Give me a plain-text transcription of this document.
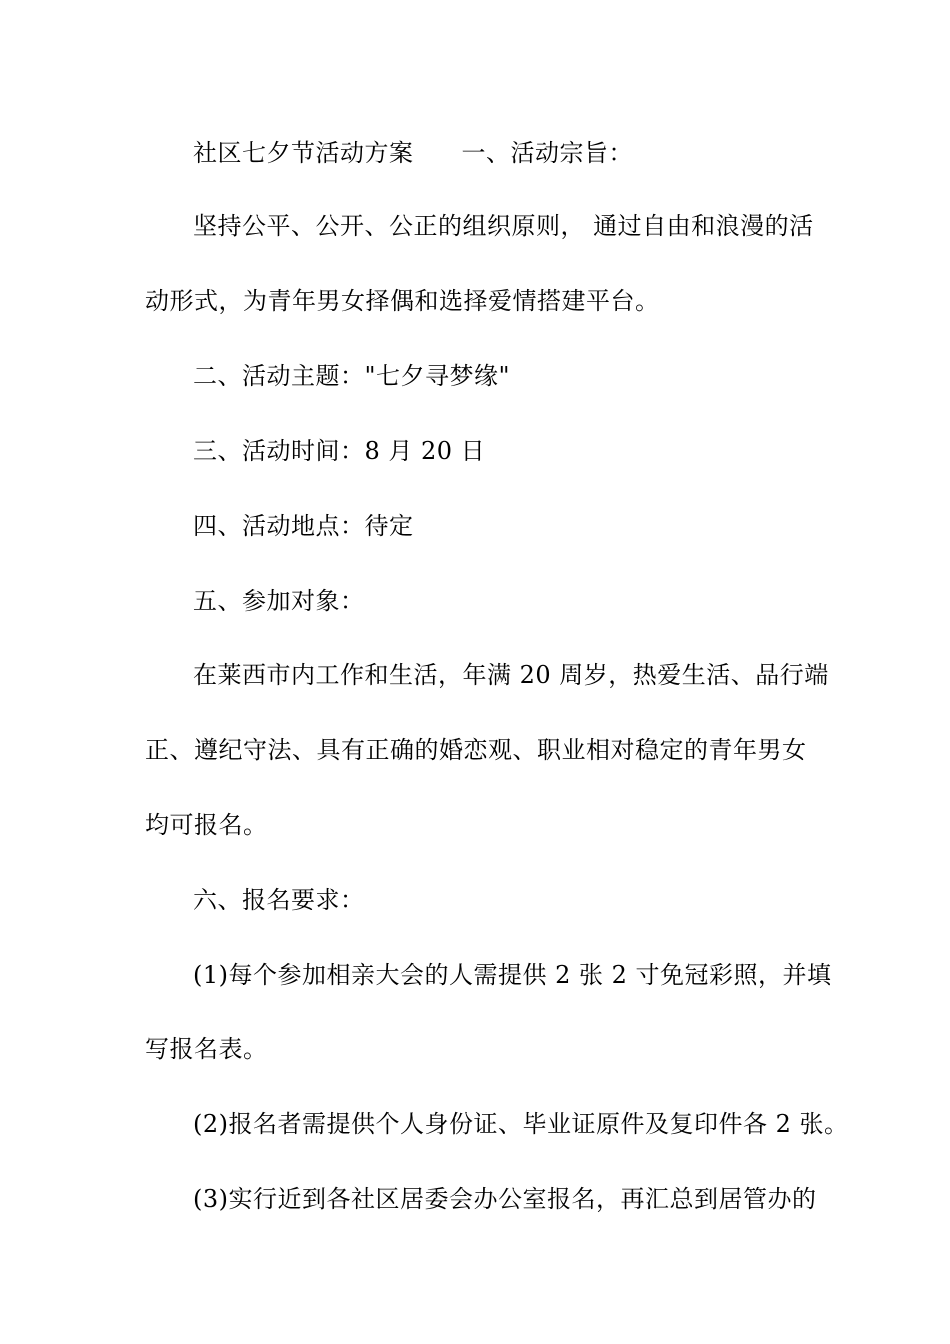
社区七夕节活动方案 一、活动宗旨：
坚持公平、公开、公正的组织原则， 通过自由和浪漫的活
动形式，为青年男女择偶和选择爱情搭建平台。
二、活动主题："七夕寻梦缘"
三、活动时间：8 月 20 日
四、活动地点：待定
五、参加对象：
在莱西市内工作和生活，年满 20 周岁，热爱生活、品行端
正、遵纪守法、具有正确的婚恋观、职业相对稳定的青年男女
均可报名。
六、报名要求：
(1)每个参加相亲大会的人需提供 2 张 2 寸免冠彩照，并填
写报名表。
(2)报名者需提供个人身份证、毕业证原件及复印件各 2 张。
(3)实行近到各社区居委会办公室报名，再汇总到居管办的
